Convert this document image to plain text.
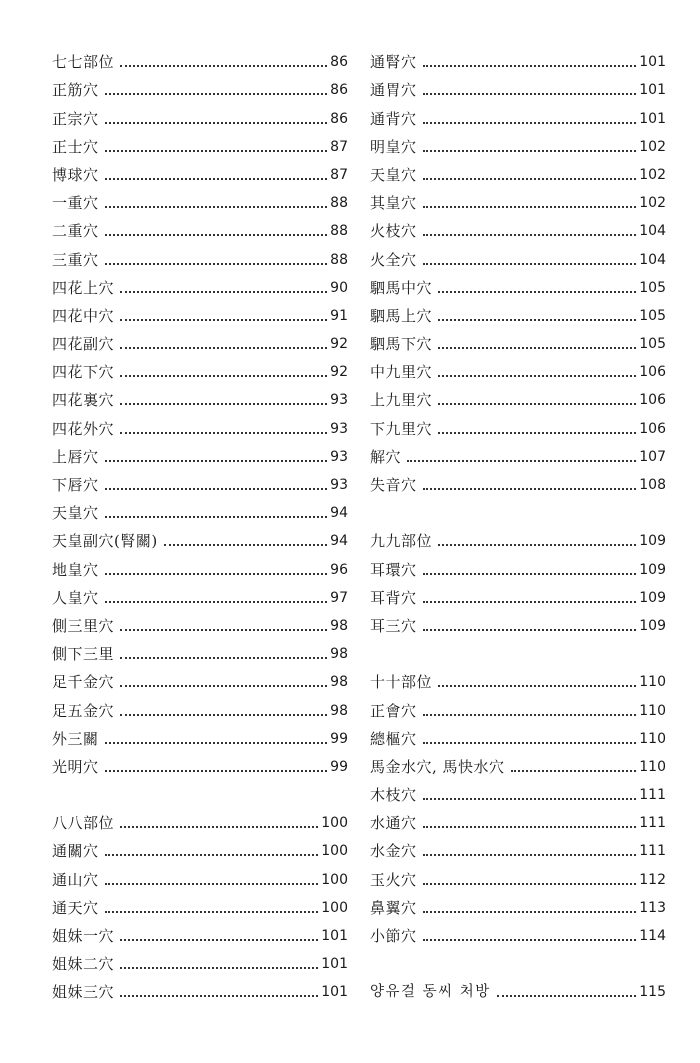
七七部位	86
正筋穴	86
正宗穴	86
正士穴	87
博球穴	87
一重穴	88
二重穴	88
三重穴	88
四花上穴	90
四花中穴	91
四花副穴	92
四花下穴	92
四花裏穴	93
四花外穴	93
上唇穴	93
下唇穴	93
天皇穴	94
天皇副穴(腎關)	94
地皇穴	96
人皇穴	97
側三里穴	98
側下三里	98
足千金穴	98
足五金穴	98
外三關	99
光明穴	99
八八部位	100
通關穴	100
通山穴	100
通天穴	100
姐妹一穴	101
姐妹二穴	101
姐妹三穴	101
通腎穴	101
通胃穴	101
通背穴	101
明皇穴	102
天皇穴	102
其皇穴	102
火枝穴	104
火全穴	104
駟馬中穴	105
駟馬上穴	105
駟馬下穴	105
中九里穴	106
上九里穴	106
下九里穴	106
解穴	107
失音穴	108
九九部位	109
耳環穴	109
耳背穴	109
耳三穴	109
十十部位	110
正會穴	110
總樞穴	110
馬金水穴, 馬快水穴	110
木枝穴	111
水通穴	111
水金穴	111
玉火穴	112
鼻翼穴	113
小節穴	114
양유걸 동씨 처방	115
